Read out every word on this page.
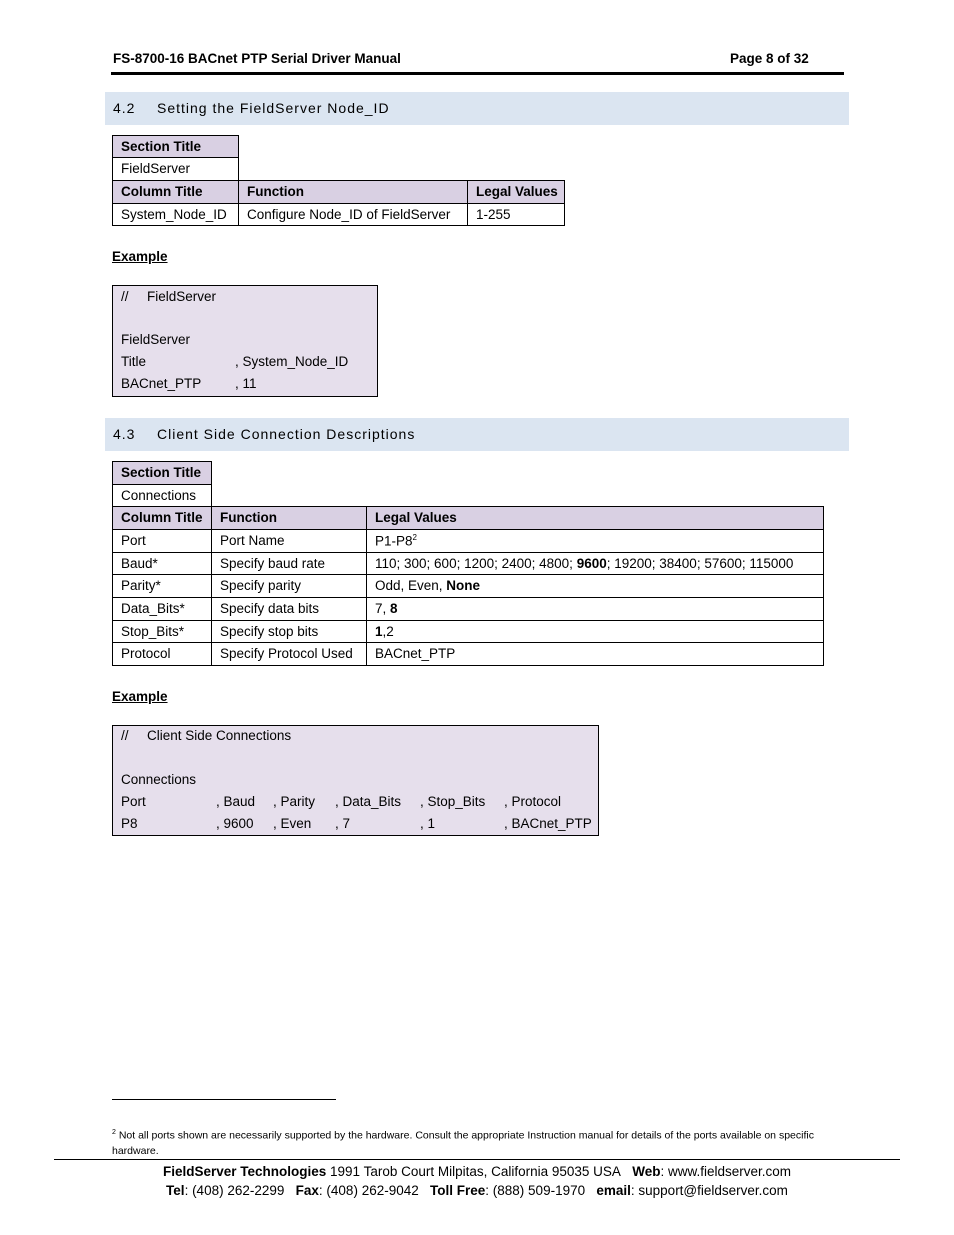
FS-8700-16 BACnet PTP Serial Driver Manual	Page 8 of 32
4.2 Setting the FieldServer Node_ID
Section Title
FieldServer
Column Title	Function	Legal Values
System_Node_ID	Configure Node_ID of FieldServer	1-255
Example
// FieldServer
FieldServer
Title	, System_Node_ID
BACnet_PTP , 11
4.3 Client Side Connection Descriptions
Section Title
Connections
Column Title	Function	Legal Values
Port	Port Name	$P1-P8^2$
Baud*	Specify baud rate	110; 300; 600; 1200; 2400; 4800; 9600; 19200; 38400; 57600; 115000
Parity*	Specify parity	Odd, Even, None
Data_Bits*	Specify data bits	7, 8
Stop_Bits*	Specify stop bits	1,2
Protocol	Specify Protocol Used	BACnet_PTP
Example
// Client Side Connections
Connections
Port	, Baud , Parity , Data_Bits , Stop_Bits , Protocol
P8	, 9600 , Even , 7	, 1	, BACnet_PTP
$^2$ Not all ports shown are necessarily supported by the hardware. Consult the appropriate Instruction manual for details of the ports available on specific hardware.
FieldServer Technologies 1991 Tarob Court Milpitas, California 95035 USA Web: www.fieldserver.com
Tel: (408) 262-2299 Fax: (408) 262-9042 Toll Free: (888) 509-1970 email: support@fieldserver.com
